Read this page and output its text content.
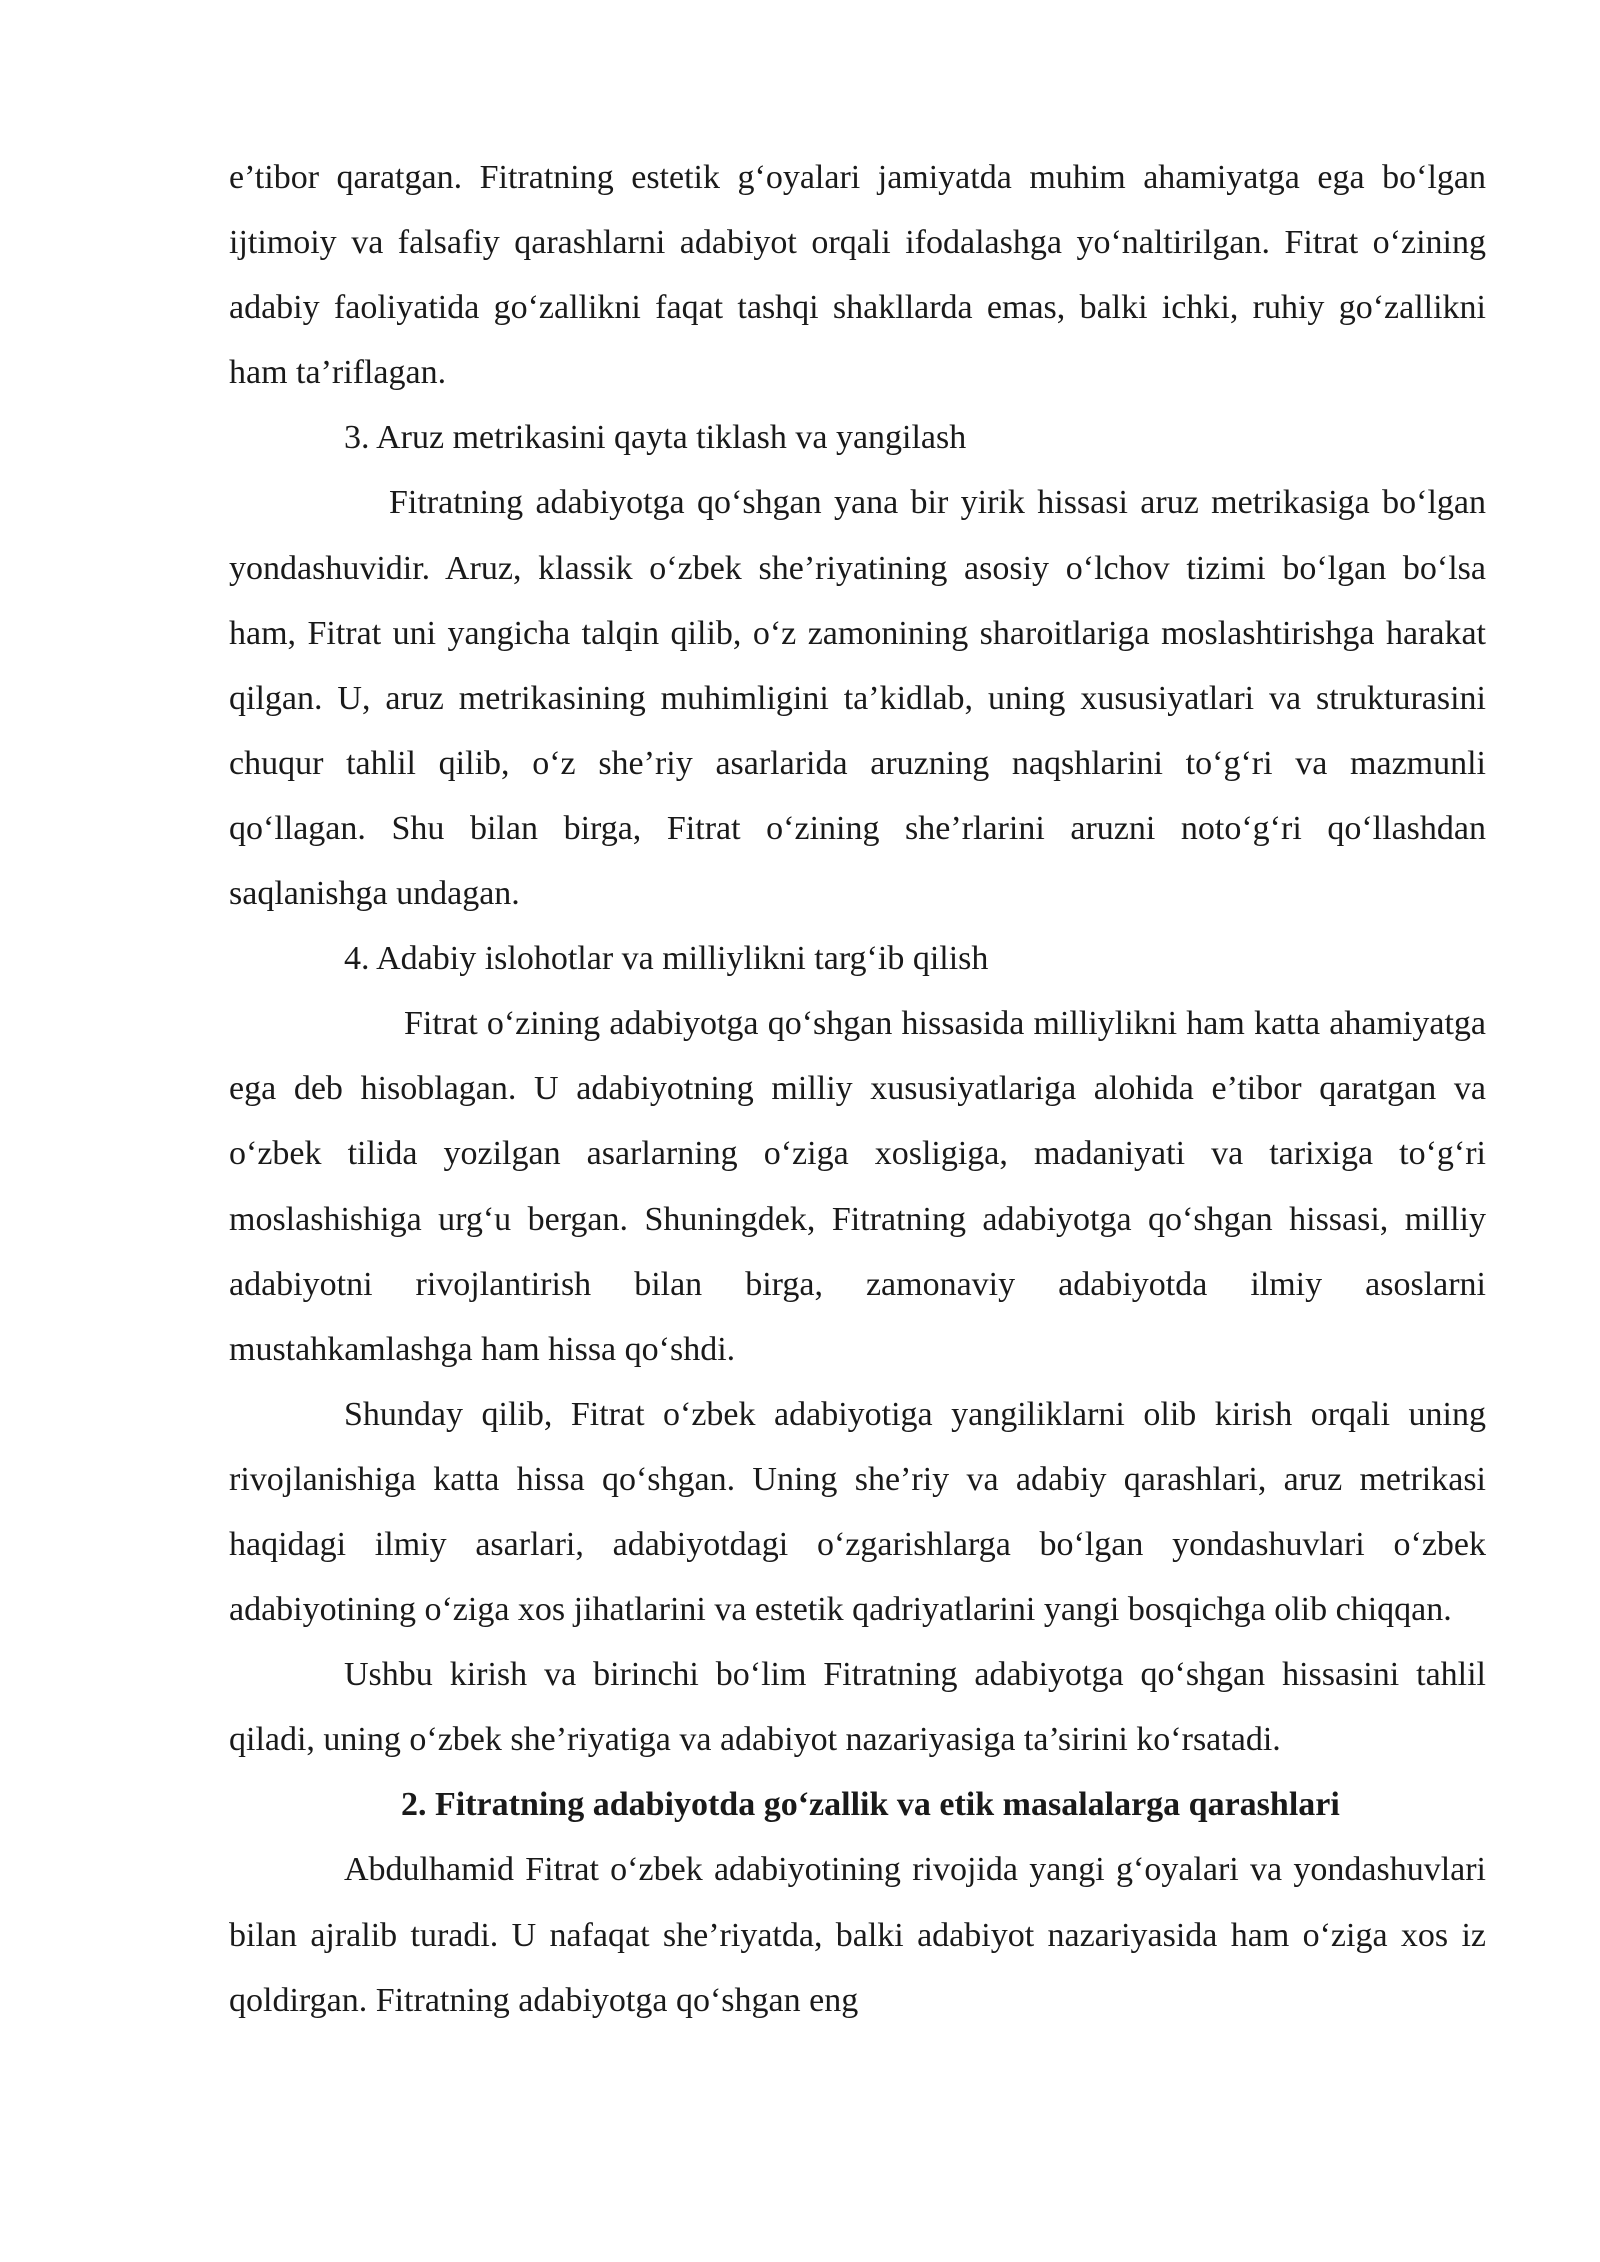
e’tibor qaratgan. Fitratning estetik g‘oyalari jamiyatda muhim ahamiyatga ega bo‘lgan ijtimoiy va falsafiy qarashlarni adabiyot orqali ifodalashga yo‘naltirilgan. Fitrat o‘zining adabiy faoliyatida go‘zallikni faqat tashqi shakllarda emas, balki ichki, ruhiy go‘zallikni ham ta’riflagan.

3. Aruz metrikasini qayta tiklash va yangilash

Fitratning adabiyotga qo‘shgan yana bir yirik hissasi aruz metrikasiga bo‘lgan yondashuvidir. Aruz, klassik o‘zbek she’riyatining asosiy o‘lchov tizimi bo‘lgan bo‘lsa ham, Fitrat uni yangicha talqin qilib, o‘z zamonining sharoitlariga moslashtirishga harakat qilgan. U, aruz metrikasining muhimligini ta’kidlab, uning xususiyatlari va strukturasini chuqur tahlil qilib, o‘z she’riy asarlarida aruzning naqshlarini to‘g‘ri va mazmunli qo‘llagan. Shu bilan birga, Fitrat o‘zining she’rlarini aruzni noto‘g‘ri qo‘llashdan saqlanishga undagan.

4. Adabiy islohotlar va milliylikni targ‘ib qilish

Fitrat o‘zining adabiyotga qo‘shgan hissasida milliylikni ham katta ahamiyatga ega deb hisoblagan. U adabiyotning milliy xususiyatlariga alohida e’tibor qaratgan va o‘zbek tilida yozilgan asarlarning o‘ziga xosligiga, madaniyati va tarixiga to‘g‘ri moslashishiga urg‘u bergan. Shuningdek, Fitratning adabiyotga qo‘shgan hissasi, milliy adabiyotni rivojlantirish bilan birga, zamonaviy adabiyotda ilmiy asoslarni mustahkamlashga ham hissa qo‘shdi.

Shunday qilib, Fitrat o‘zbek adabiyotiga yangiliklarni olib kirish orqali uning rivojlanishiga katta hissa qo‘shgan. Uning she’riy va adabiy qarashlari, aruz metrikasi haqidagi ilmiy asarlari, adabiyotdagi o‘zgarishlarga bo‘lgan yondashuvlari o‘zbek adabiyotining o‘ziga xos jihatlarini va estetik qadriyatlarini yangi bosqichga olib chiqqan.

Ushbu kirish va birinchi bo‘lim Fitratning adabiyotga qo‘shgan hissasini tahlil qiladi, uning o‘zbek she’riyatiga va adabiyot nazariyasiga ta’sirini ko‘rsatadi.

2. Fitratning adabiyotda go‘zallik va etik masalalarga qarashlari

Abdulhamid Fitrat o‘zbek adabiyotining rivojida yangi g‘oyalari va yondashuvlari bilan ajralib turadi. U nafaqat she’riyatda, balki adabiyot nazariyasida ham o‘ziga xos iz qoldirgan. Fitratning adabiyotga qo‘shgan eng
